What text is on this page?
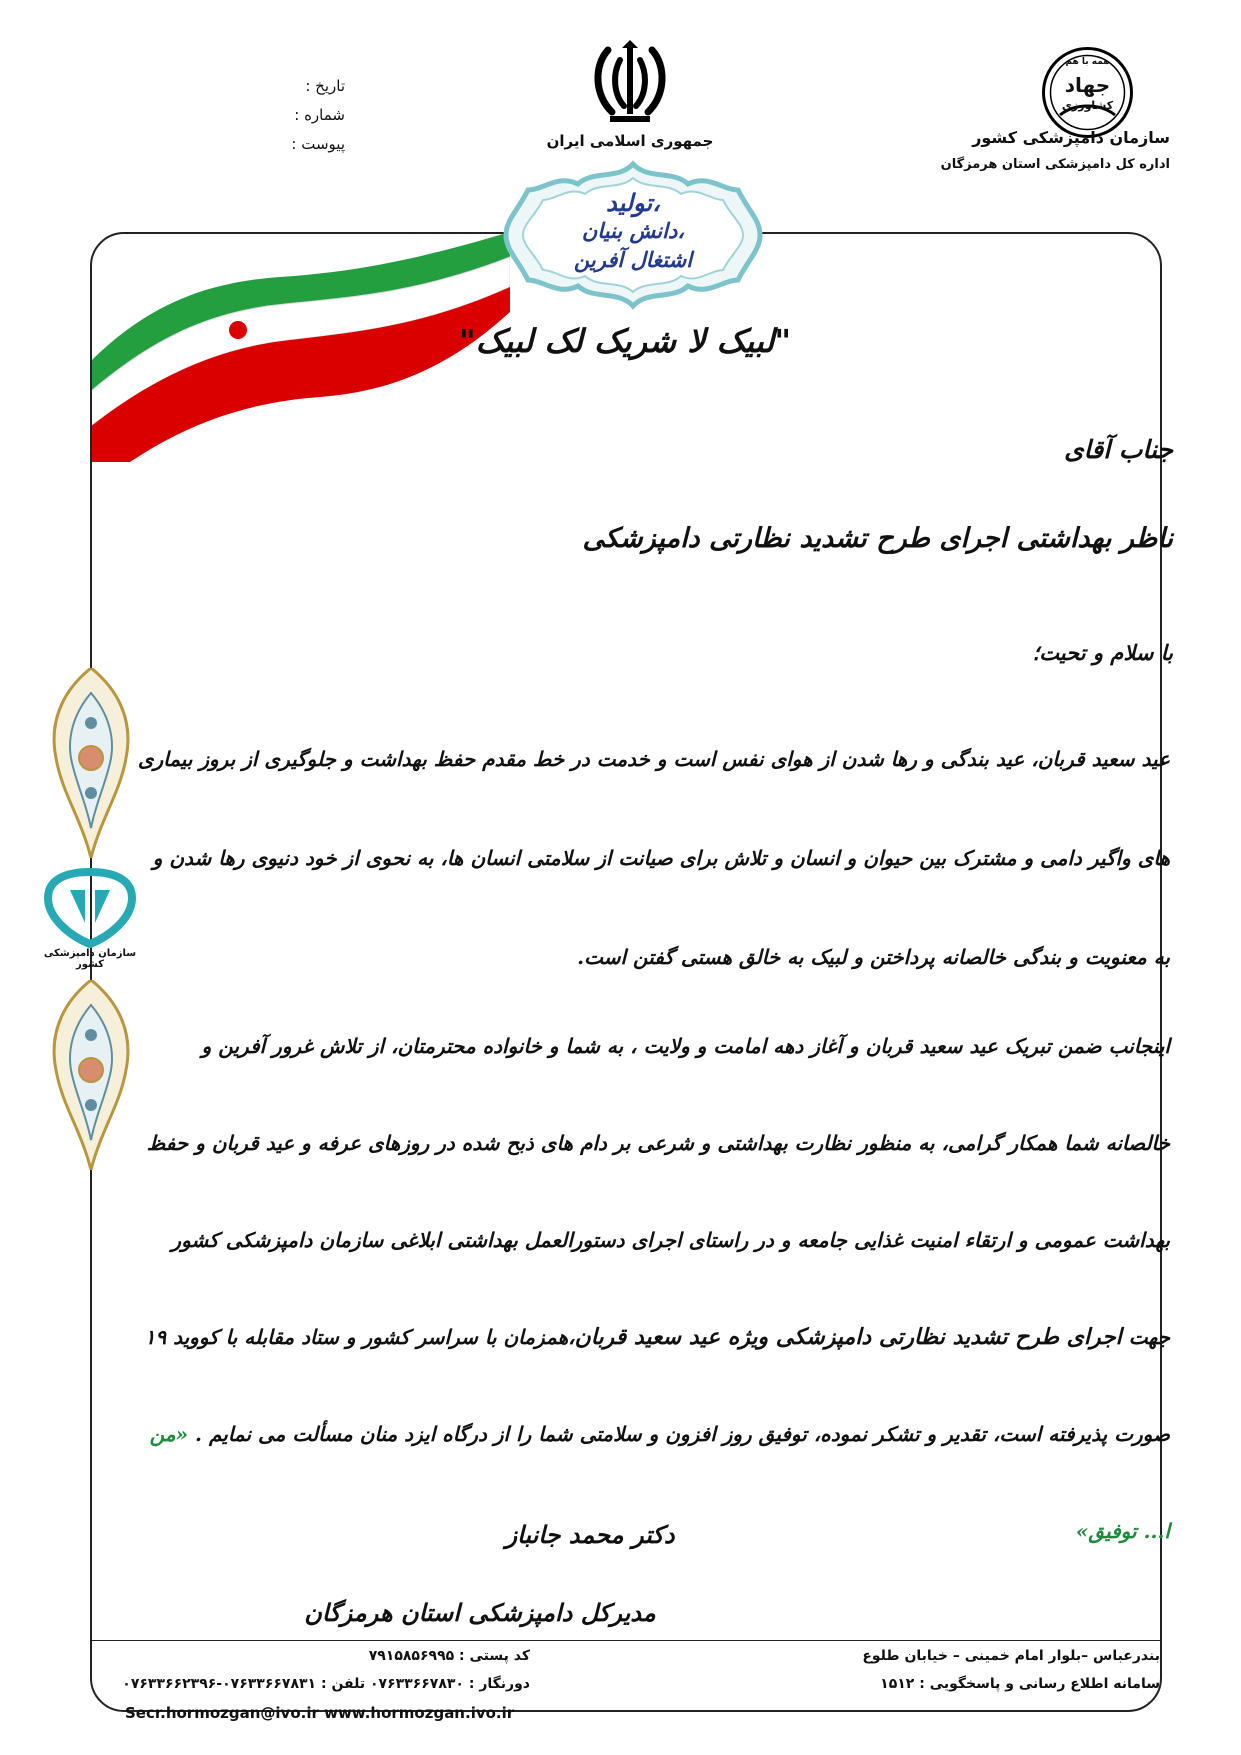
تاریخ :
شماره :
پیوست :	جمهوری اسلامی ایران
تولید،
دانش بنیان،
اشتغال آفرین
همه با هم
جهاد
کشاورزی
سازمان دامپزشکی کشور
اداره کل دامپزشکی استان هرمزگان
"لبیک لا شریک لک لبیک"
سازمان دامپزشکی کشور
جناب آقای
ناظر بهداشتی اجرای طرح تشدید نظارتی دامپزشکی
با سلام و تحیت؛
عید سعید قربان، عید بندگی و رها شدن از هوای نفس است و خدمت در خط مقدم حفظ بهداشت و جلوگیری از بروز بیماری های واگیر دامی و مشترک بین حیوان و انسان و تلاش برای صیانت از سلامتی انسان ها، به نحوی از خود دنیوی رها شدن و به معنویت و بندگی خالصانه پرداختن و لبیک به خالق هستی گفتن است.
اینجانب ضمن تبریک عید سعید قربان و آغاز دهه امامت و ولایت ، به شما و خانواده محترمتان، از تلاش غرور آفرین و خالصانه شما همکار گرامی، به منظور نظارت بهداشتی و شرعی بر دام های ذبح شده در روزهای عرفه و عید قربان و حفظ بهداشت عمومی و ارتقاء امنیت غذایی جامعه و در راستای اجرای دستورالعمل بهداشتی ابلاغی سازمان دامپزشکی کشور جهت اجرای طرح تشدید نظارتی دامپزشکی ویژه عید سعید قربان،همزمان با سراسر کشور و ستاد مقابله با کووید ۱۹ صورت پذیرفته است، تقدیر و تشکر نموده، توفیق روز افزون و سلامتی شما را از درگاه ایزد منان مسألت می نمایم . «من ا... توفیق»
دکتر محمد جانباز
مدیرکل دامپزشکی استان هرمزگان
بندرعباس –بلوار امام خمینی – خیابان طلوع
سامانه اطلاع رسانی و پاسخگویی : ۱۵۱۲
کد پستی : ۷۹۱۵۸۵۶۹۹۵
دورنگار : ۰۷۶۳۳۶۶۷۸۳۰ تلفن : ۰۷۶۳۳۶۶۷۸۳۱-۰۷۶۳۳۶۶۲۳۹۶
Secr.hormozgan@ivo.ir www.hormozgan.ivo.ir
